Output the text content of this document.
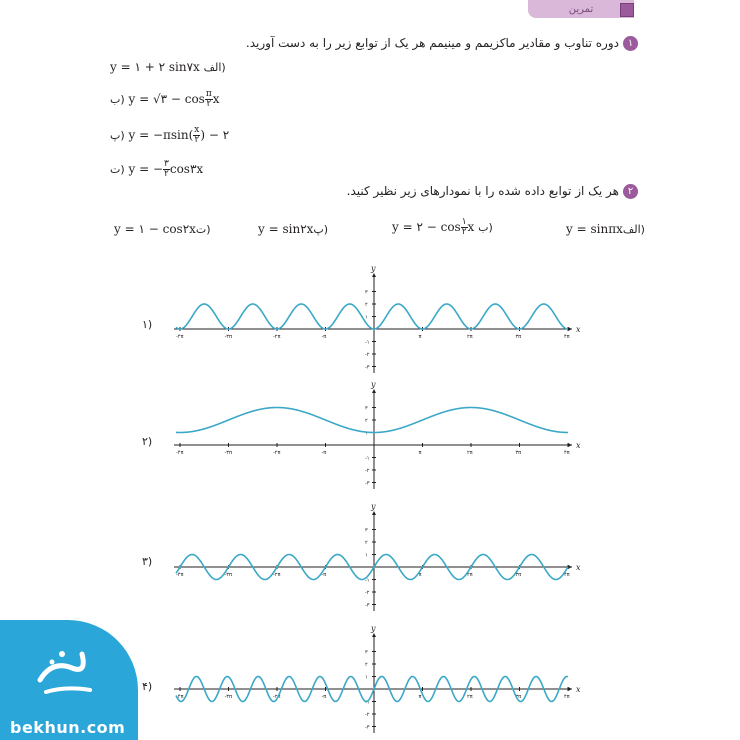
تمرین
۱دوره تناوب و مقادیر ماکزیمم و مینیمم هر یک از توابع زیر را به دست آورید.
y = ۱ + ۲ sin۷x الف)
ب) y = √۳ − $\cos \frac{\pi}{۲}$ x
پ) $y = -\pi\sin( \frac{x}{۲}$ ) − ۲
ت) y = − $\frac{۳}{۲}$ cos۳x
۲هر یک از توابع داده شده را با نمودارهای زیر نظیر کنید.
y = sinπxالف)
y = ۲ − $\cos \frac{۱}{۲}$ x ب)
y = sin۲xپ)
y = ۱ − cos۲xت)
۱)
۲)
۳)
۴)
x
y
-۴π	-۳π	-۲π	-π	π	۲π	۳π	۴π
۳
۲
۱
-۱
-۲
-۳
x
y
-۴π	-۳π	-۲π	-π	π	۲π	۳π	۴π
۳
۲
۱
-۱
-۲
-۳
x
y
-۴π	-۳π	-۲π	-π	π	۲π	۳π	۴π
۳
۲
۱
-۱
-۲
-۳
x
y
-۴π	-۳π	-۲π	-π	π	۲π	۳π	۴π
۳
۲
۱
-۱
-۲
-۳
bekhun.com
